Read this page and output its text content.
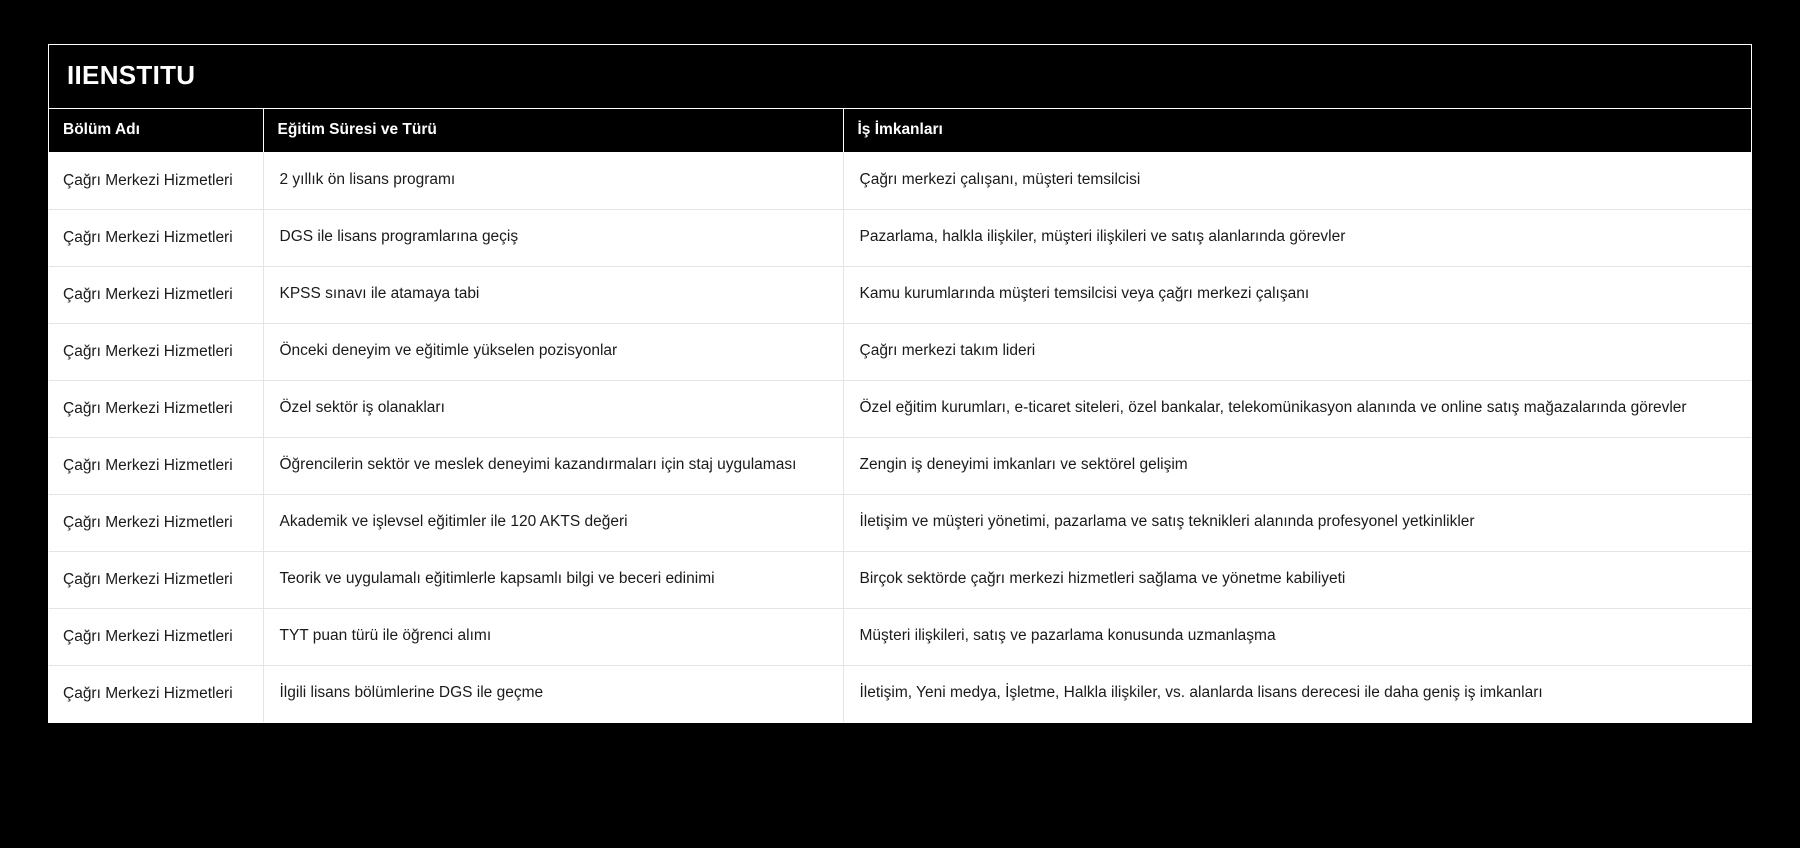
IIENSTITU
Bölüm Adı	Eğitim Süresi ve Türü	İş İmkanları
Çağrı Merkezi Hizmetleri	2 yıllık ön lisans programı	Çağrı merkezi çalışanı, müşteri temsilcisi
Çağrı Merkezi Hizmetleri	DGS ile lisans programlarına geçiş	Pazarlama, halkla ilişkiler, müşteri ilişkileri ve satış alanlarında görevler
Çağrı Merkezi Hizmetleri	KPSS sınavı ile atamaya tabi	Kamu kurumlarında müşteri temsilcisi veya çağrı merkezi çalışanı
Çağrı Merkezi Hizmetleri	Önceki deneyim ve eğitimle yükselen pozisyonlar	Çağrı merkezi takım lideri
Çağrı Merkezi Hizmetleri	Özel sektör iş olanakları	Özel eğitim kurumları, e-ticaret siteleri, özel bankalar, telekomünikasyon alanında ve online satış mağazalarında görevler
Çağrı Merkezi Hizmetleri	Öğrencilerin sektör ve meslek deneyimi kazandırmaları için staj uygulaması	Zengin iş deneyimi imkanları ve sektörel gelişim
Çağrı Merkezi Hizmetleri	Akademik ve işlevsel eğitimler ile 120 AKTS değeri	İletişim ve müşteri yönetimi, pazarlama ve satış teknikleri alanında profesyonel yetkinlikler
Çağrı Merkezi Hizmetleri	Teorik ve uygulamalı eğitimlerle kapsamlı bilgi ve beceri edinimi	Birçok sektörde çağrı merkezi hizmetleri sağlama ve yönetme kabiliyeti
Çağrı Merkezi Hizmetleri	TYT puan türü ile öğrenci alımı	Müşteri ilişkileri, satış ve pazarlama konusunda uzmanlaşma
Çağrı Merkezi Hizmetleri	İlgili lisans bölümlerine DGS ile geçme	İletişim, Yeni medya, İşletme, Halkla ilişkiler, vs. alanlarda lisans derecesi ile daha geniş iş imkanları
